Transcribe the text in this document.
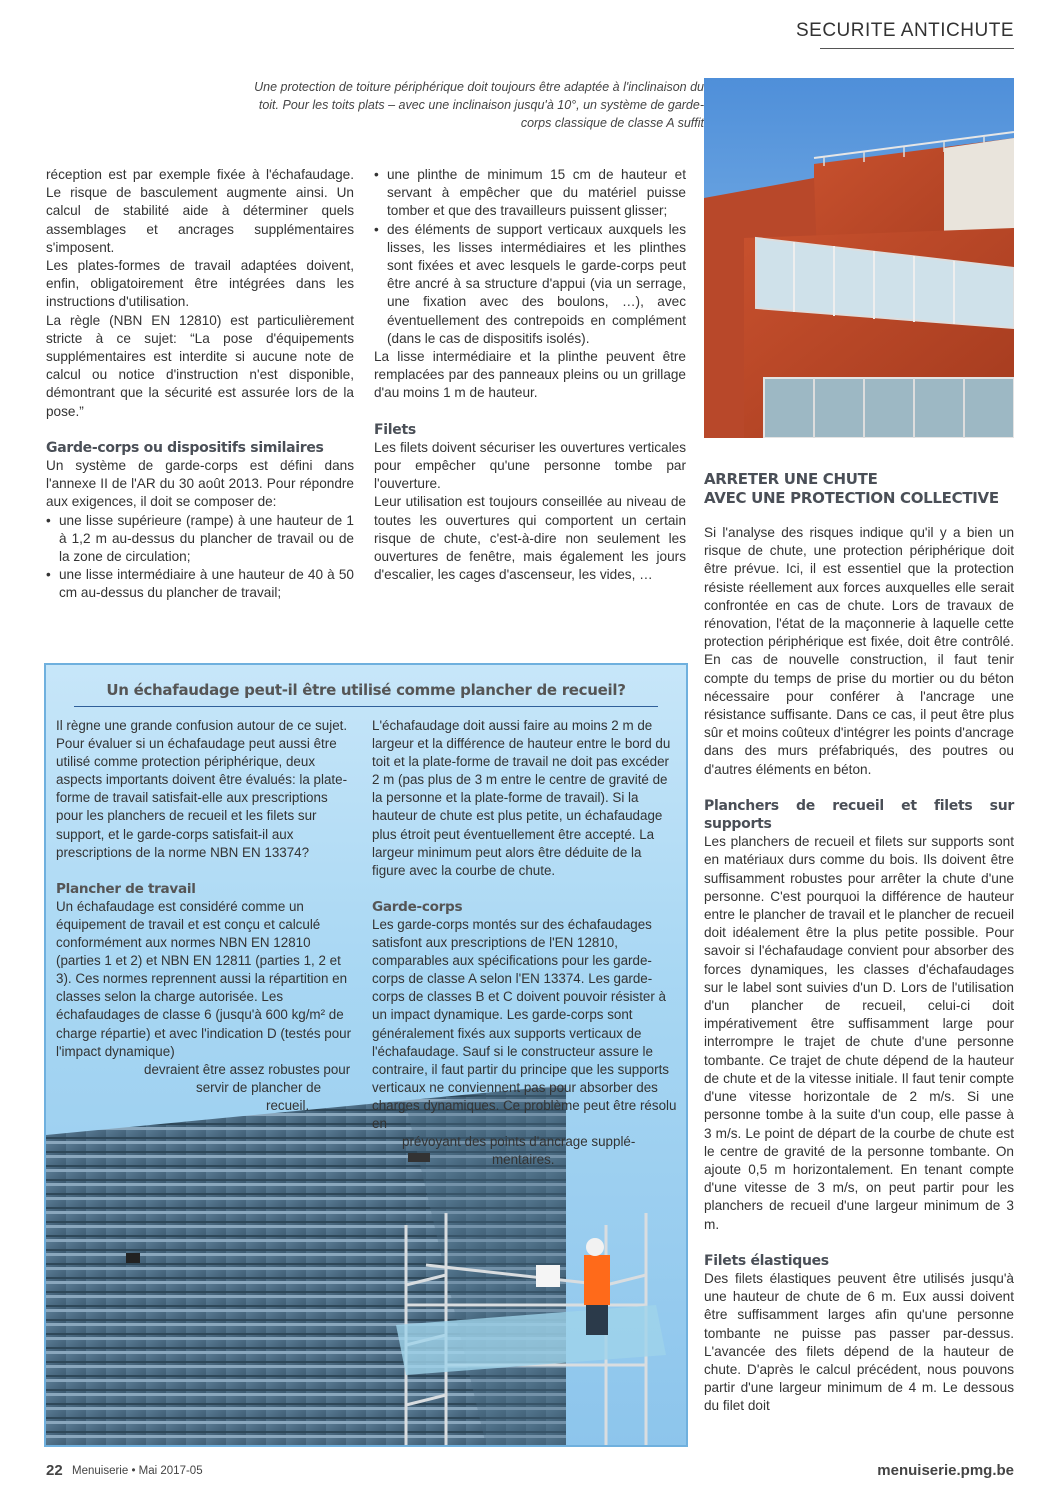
SECURITE ANTICHUTE
Une protection de toiture périphérique doit toujours être adaptée à l'inclinaison du toit. Pour les toits plats – avec une inclinaison jusqu'à 10°, un système de garde-corps classique de classe A suffit

réception est par exemple fixée à l'échafaudage. Le risque de basculement augmente ainsi. Un calcul de stabilité aide à déterminer quels assemblages et ancrages supplémentaires s'imposent.

Les plates-formes de travail adaptées doivent, enfin, obligatoirement être intégrées dans les instructions d'utilisation.

La règle (NBN EN 12810) est particulièrement stricte à ce sujet: “La pose d'équipements supplémentaires est interdite si aucune note de calcul ou notice d'instruction n'est disponible, démontrant que la sécurité est assurée lors de la pose.”

Garde-corps ou dispositifs similaires

Un système de garde-corps est défini dans l'annexe II de l'AR du 30 août 2013. Pour répondre aux exigences, il doit se composer de:

• une lisse supérieure (rampe) à une hauteur de 1 à 1,2 m au-dessus du plancher de travail ou de la zone de circulation;
• une lisse intermédiaire à une hauteur de 40 à 50 cm au-dessus du plancher de travail;
• une plinthe de minimum 15 cm de hauteur et servant à empêcher que du matériel puisse tomber et que des travailleurs puissent glisser;
• des éléments de support verticaux auxquels les lisses, les lisses intermédiaires et les plinthes sont fixées et avec lesquels le garde-corps peut être ancré à sa structure d'appui (via un serrage, une fixation avec des boulons, …), avec éventuellement des contrepoids en complément (dans le cas de dispositifs isolés).

La lisse intermédiaire et la plinthe peuvent être remplacées par des panneaux pleins ou un grillage d'au moins 1 m de hauteur.

Filets

Les filets doivent sécuriser les ouvertures verticales pour empêcher qu'une personne tombe par l'ouverture.

Leur utilisation est toujours conseillée au niveau de toutes les ouvertures qui comportent un certain risque de chute, c'est-à-dire non seulement les ouvertures de fenêtre, mais également les jours d'escalier, les cages d'ascenseur, les vides, …

ARRETER UNE CHUTE

AVEC UNE PROTECTION COLLECTIVE

Si l'analyse des risques indique qu'il y a bien un risque de chute, une protection périphérique doit être prévue. Ici, il est essentiel que la protection résiste réellement aux forces auxquelles elle serait confrontée en cas de chute. Lors de travaux de rénovation, l'état de la maçonnerie à laquelle cette protection périphérique est fixée, doit être contrôlé. En cas de nouvelle construction, il faut tenir compte du temps de prise du mortier ou du béton nécessaire pour conférer à l'ancrage une résistance suffisante. Dans ce cas, il peut être plus sûr et moins coûteux d'intégrer les points d'ancrage dans des murs préfabriqués, des poutres ou d'autres éléments en béton.

Planchers de recueil et filets sur supports

Les planchers de recueil et filets sur supports sont en matériaux durs comme du bois. Ils doivent être suffisamment robustes pour arrêter la chute d'une personne. C'est pourquoi la différence de hauteur entre le plancher de travail et le plancher de recueil doit idéalement être la plus petite possible. Pour savoir si l'échafaudage convient pour absorber des forces dynamiques, les classes d'échafaudages sur le label sont suivies d'un D. Lors de l'utilisation d'un plancher de recueil, celui-ci doit impérativement être suffisamment large pour interrompre le trajet de chute d'une personne tombante. Ce trajet de chute dépend de la hauteur de chute et de la vitesse initiale. Il faut tenir compte d'une vitesse horizontale de 2 m/s. Si une personne tombe à la suite d'un coup, elle passe à 3 m/s. Le point de départ de la courbe de chute est le centre de gravité de la personne tombante. On ajoute 0,5 m horizontalement. En tenant compte d'une vitesse de 3 m/s, on peut partir pour les planchers de recueil d'une largeur minimum de 3 m.

Filets élastiques

Des filets élastiques peuvent être utilisés jusqu'à une hauteur de chute de 6 m. Eux aussi doivent être suffisamment larges afin qu'une personne tombante ne puisse pas passer par-dessus. L'avancée des filets dépend de la hauteur de chute. D'après le calcul précédent, nous pouvons partir d'une largeur minimum de 4 m. Le dessous du filet doit

Un échafaudage peut-il être utilisé comme plancher de recueil?

Il règne une grande confusion autour de ce sujet. Pour évaluer si un échafaudage peut aussi être utilisé comme protection périphérique, deux aspects importants doivent être évalués: la plate-forme de travail satisfait-elle aux prescriptions pour les planchers de recueil et les filets sur support, et le garde-corps satisfait-il aux prescriptions de la norme NBN EN 13374?

Plancher de travail

Un échafaudage est considéré comme un équipement de travail et est conçu et calculé conformément aux normes NBN EN 12810 (parties 1 et 2) et NBN EN 12811 (parties 1, 2 et 3). Ces normes reprennent aussi la répartition en classes selon la charge autorisée. Les échafaudages de classe 6 (jusqu'à 600 kg/m² de charge répartie) et avec l'indication D (testés pour l'impact dynamique)

devraient être assez robustes pour

servir de plancher de

recueil.

L'échafaudage doit aussi faire au moins 2 m de largeur et la différence de hauteur entre le bord du toit et la plate-forme de travail ne doit pas excéder 2 m (pas plus de 3 m entre le centre de gravité de la personne et la plate-forme de travail). Si la hauteur de chute est plus petite, un échafaudage plus étroit peut éventuellement être accepté. La largeur minimum peut alors être déduite de la figure avec la courbe de chute.

Garde-corps

Les garde-corps montés sur des échafaudages satisfont aux prescriptions de l'EN 12810, comparables aux spécifications pour les garde-corps de classe A selon l'EN 13374. Les garde-corps de classes B et C doivent pouvoir résister à un impact dynamique. Les garde-corps sont généralement fixés aux supports verticaux de l'échafaudage. Sauf si le constructeur assure le contraire, il faut partir du principe que les supports verticaux ne conviennent pas pour absorber des charges dynamiques. Ce problème peut être résolu en

prévoyant des points d'ancrage supplé-

mentaires.

22 Menuiserie • Mai 2017-05	menuiserie.pmg.be
